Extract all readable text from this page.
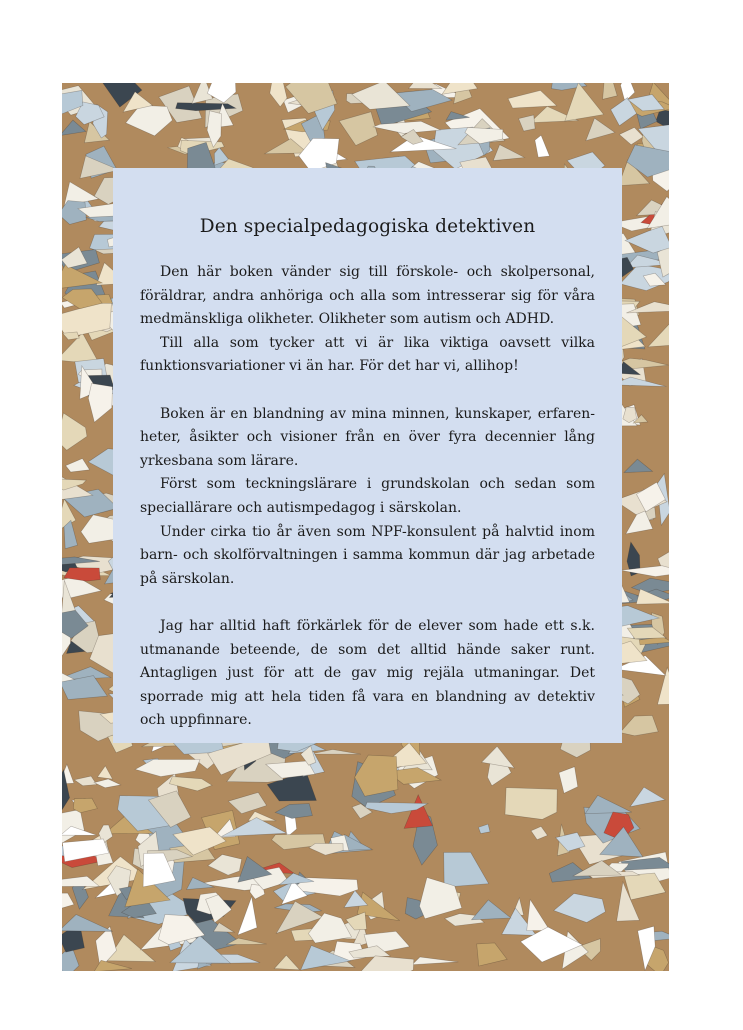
Den specialpedagogiska detektiven

Den här boken vänder sig till förskole- och skolpersonal, föräldrar, andra anhöriga och alla som intresserar sig för våra medmänskliga olikheter. Olikheter som autism och ADHD.

Till alla som tycker att vi är lika viktiga oavsett vilka funktionsvariationer vi än har. För det har vi, allihop!

Boken är en blandning av mina minnen, kunskaper, erfarenheter, åsikter och visioner från en över fyra decennier lång yrkesbana som lärare.

Först som teckningslärare i grundskolan och sedan som speciallärare och autismpedagog i särskolan.

Under cirka tio år även som NPF-konsulent på halvtid inom barn- och skolförvaltningen i samma kommun där jag arbetade på särskolan.

Jag har alltid haft förkärlek för de elever som hade ett s.k. utmanande beteende, de som det alltid hände saker runt. Antagligen just för att de gav mig rejäla utmaningar. Det sporrade mig att hela tiden få vara en blandning av detektiv och uppfinnare.
